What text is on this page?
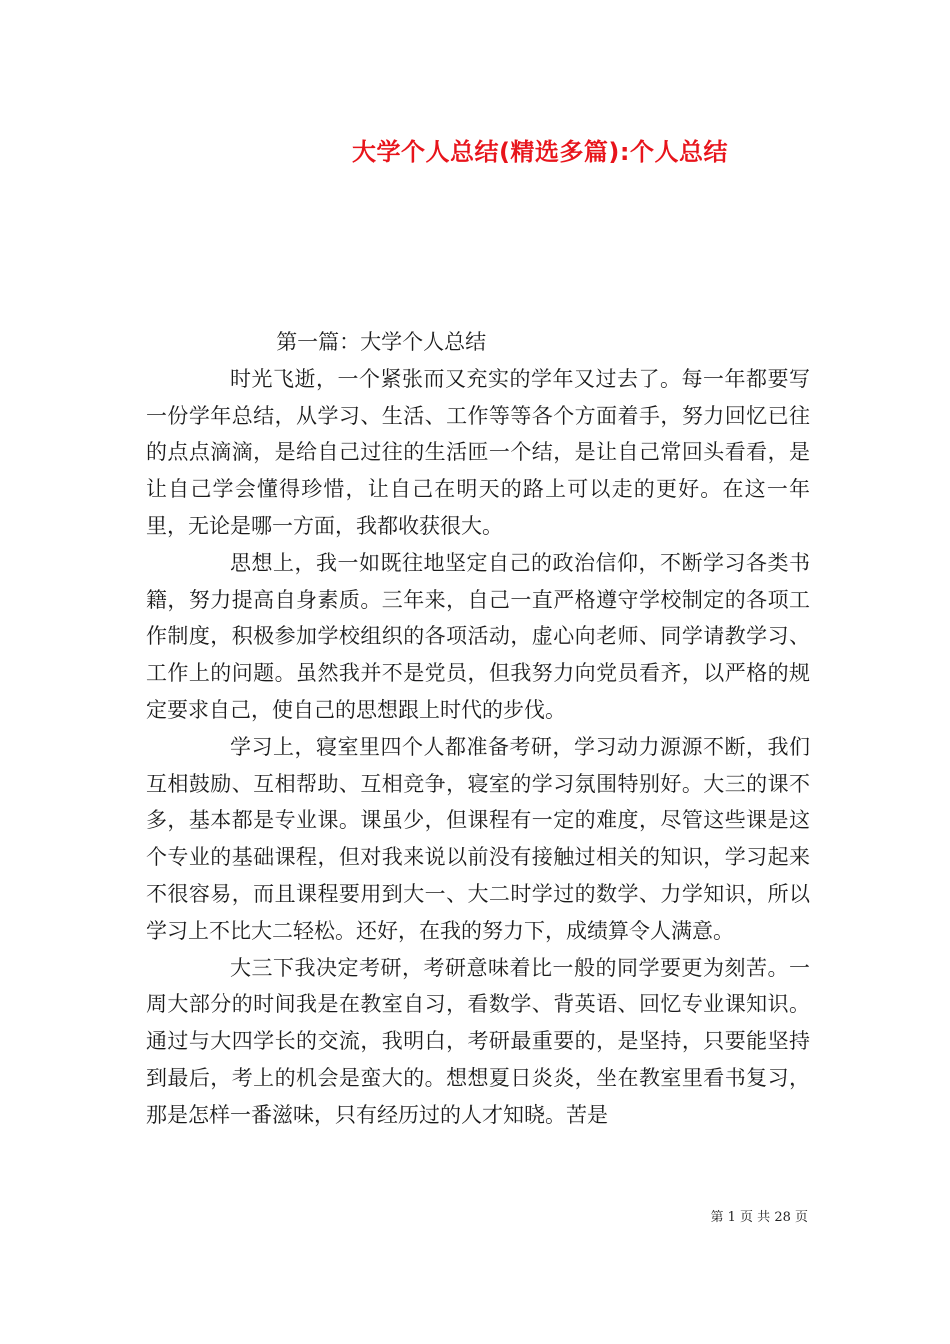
大学个人总结(精选多篇):个人总结

第一篇：大学个人总结

时光飞逝，一个紧张而又充实的学年又过去了。每一年都要写一份学年总结，从学习、生活、工作等等各个方面着手，努力回忆已往的点点滴滴，是给自己过往的生活匝一个结，是让自己常回头看看，是让自己学会懂得珍惜，让自己在明天的路上可以走的更好。在这一年里，无论是哪一方面，我都收获很大。

思想上，我一如既往地坚定自己的政治信仰，不断学习各类书籍，努力提高自身素质。三年来，自己一直严格遵守学校制定的各项工作制度，积极参加学校组织的各项活动，虚心向老师、同学请教学习、工作上的问题。虽然我并不是党员，但我努力向党员看齐，以严格的规定要求自己，使自己的思想跟上时代的步伐。

学习上，寝室里四个人都准备考研，学习动力源源不断，我们互相鼓励、互相帮助、互相竞争，寝室的学习氛围特别好。大三的课不多，基本都是专业课。课虽少，但课程有一定的难度，尽管这些课是这个专业的基础课程，但对我来说以前没有接触过相关的知识，学习起来不很容易，而且课程要用到大一、大二时学过的数学、力学知识，所以学习上不比大二轻松。还好，在我的努力下，成绩算令人满意。

大三下我决定考研，考研意味着比一般的同学要更为刻苦。一周大部分的时间我是在教室自习，看数学、背英语、回忆专业课知识。通过与大四学长的交流，我明白，考研最重要的，是坚持，只要能坚持到最后，考上的机会是蛮大的。想想夏日炎炎，坐在教室里看书复习，那是怎样一番滋味，只有经历过的人才知晓。苦是

第 1 页 共 28 页
